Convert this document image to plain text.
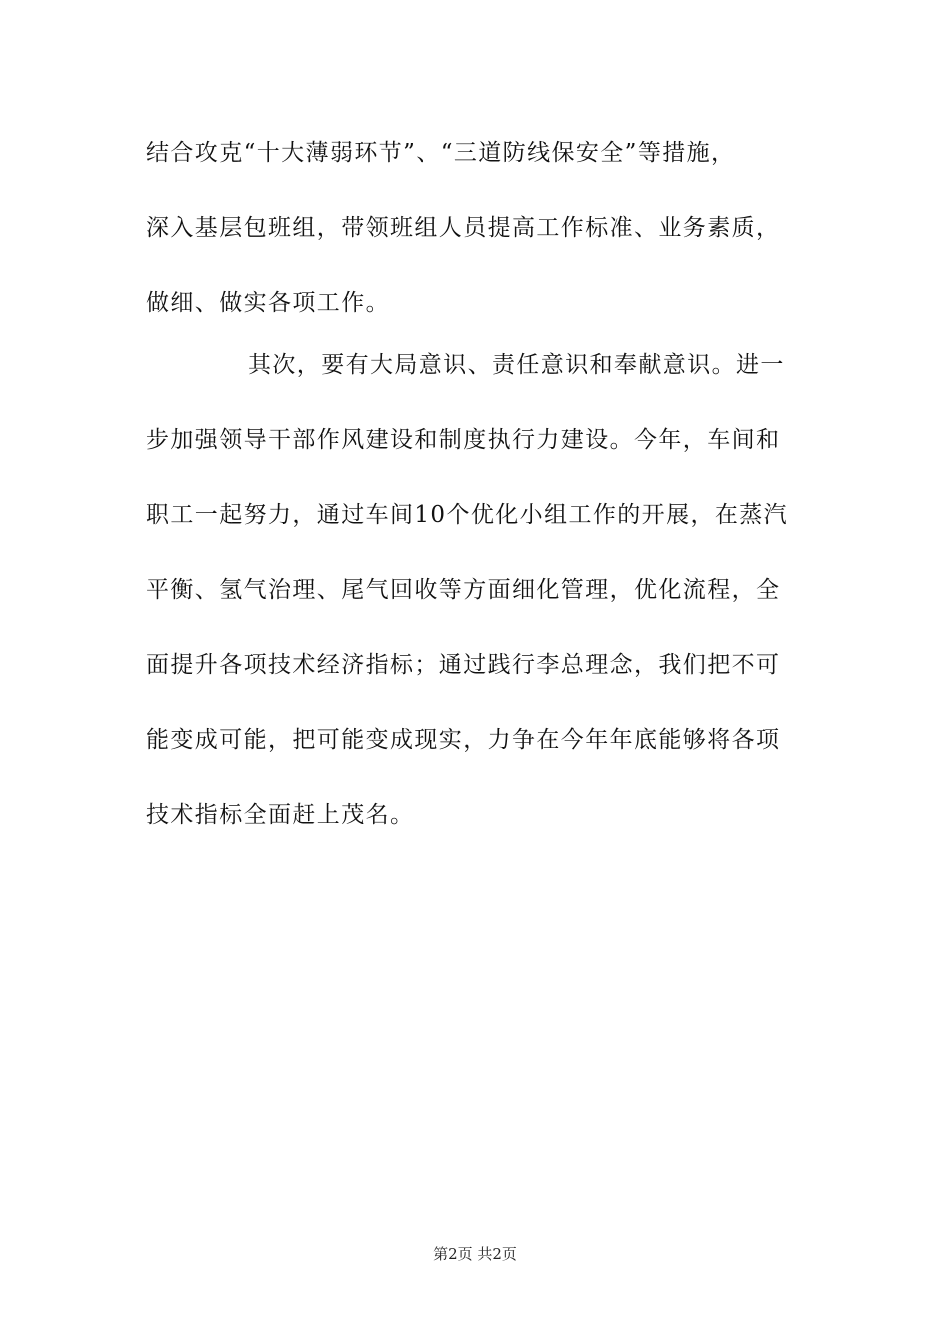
结合攻克“十大薄弱环节”、“三道防线保安全”等措施，
深入基层包班组，带领班组人员提高工作标准、业务素质，
做细、做实各项工作。
其次，要有大局意识、责任意识和奉献意识。进一
步加强领导干部作风建设和制度执行力建设。今年，车间和
职工一起努力，通过车间10个优化小组工作的开展，在蒸汽
平衡、氢气治理、尾气回收等方面细化管理，优化流程，全
面提升各项技术经济指标；通过践行李总理念，我们把不可
能变成可能，把可能变成现实，力争在今年年底能够将各项
技术指标全面赶上茂名。
第2页 共2页
